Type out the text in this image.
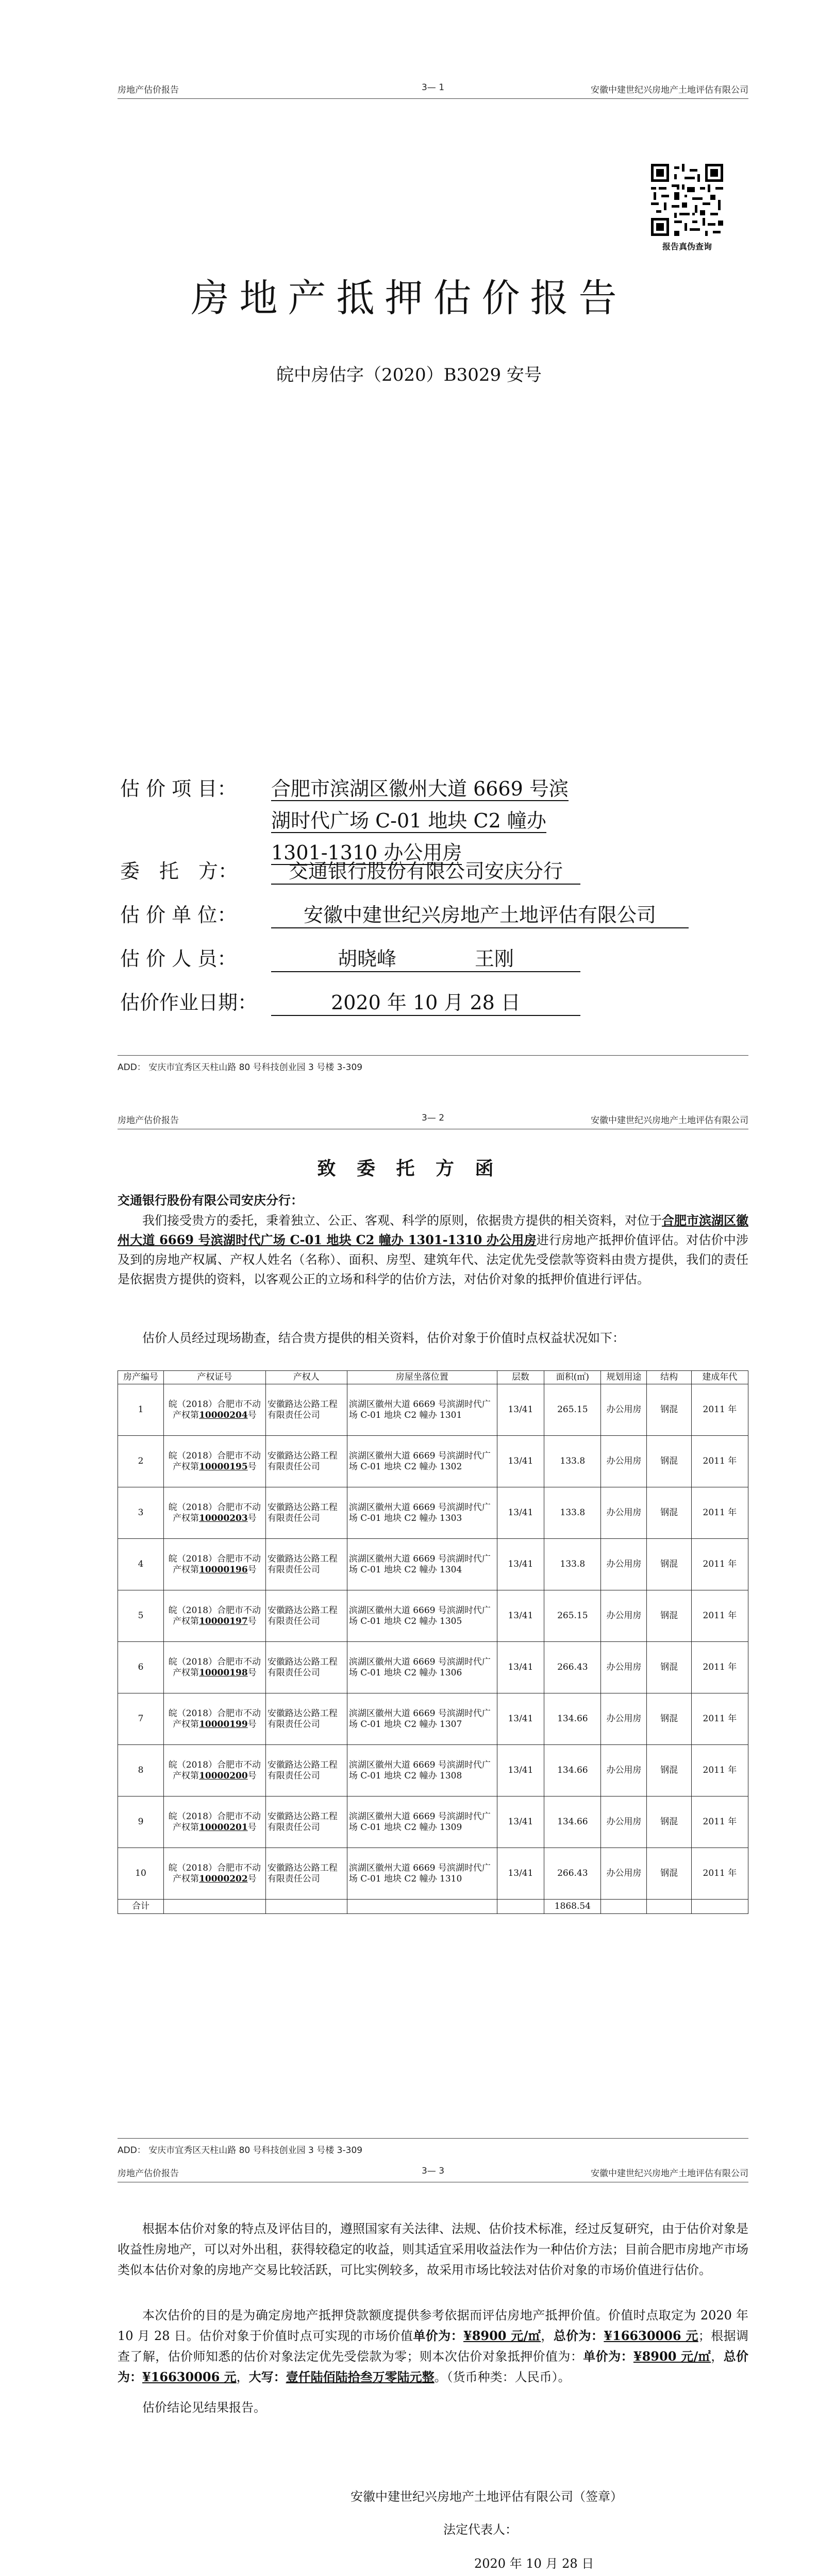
房地产估价报告	3— 1	安徽中建世纪兴房地产土地评估有限公司
报告真伪查询
房地产抵押估价报告
皖中房估字（2020）B3029 安号
估 价 项 目： 合肥市滨湖区徽州大道 6669 号滨湖时代广场 C-01 地块 C2 幢办 1301-1310 办公用房
委　托　方：	交通银行股份有限公司安庆分行
估 价 单 位：	安徽中建世纪兴房地产土地评估有限公司
估 价 人 员：	胡晓峰　　　　王刚
估价作业日期：	2020 年 10 月 28 日
ADD： 安庆市宜秀区天柱山路 80 号科技创业园 3 号楼 3-309
房地产估价报告	3— 2	安徽中建世纪兴房地产土地评估有限公司
致 委 托 方 函
交通银行股份有限公司安庆分行：
我们接受贵方的委托，秉着独立、公正、客观、科学的原则，依据贵方提供的相关资料，对位于合肥市滨湖区徽州大道 6669 号滨湖时代广场 C-01 地块 C2 幢办 1301-1310 办公用房进行房地产抵押价值评估。对估价中涉及到的房地产权属、产权人姓名（名称）、面积、房型、建筑年代、法定优先受偿款等资料由贵方提供，我们的责任是依据贵方提供的资料，以客观公正的立场和科学的估价方法，对估价对象的抵押价值进行评估。
估价人员经过现场勘查，结合贵方提供的相关资料，估价对象于价值时点权益状况如下：
房产编号	产权证号	产权人	房屋坐落位置	层数	面积(㎡)	规划用途	结构	建成年代
1	皖（2018）合肥市不动产权第10000204号	安徽路达公路工程有限责任公司	滨湖区徽州大道 6669 号滨湖时代广场 C-01 地块 C2 幢办 1301	13/41	265.15	办公用房	钢混	2011 年
2	皖（2018）合肥市不动产权第10000195号	安徽路达公路工程有限责任公司	滨湖区徽州大道 6669 号滨湖时代广场 C-01 地块 C2 幢办 1302	13/41	133.8	办公用房	钢混	2011 年
3	皖（2018）合肥市不动产权第10000203号	安徽路达公路工程有限责任公司	滨湖区徽州大道 6669 号滨湖时代广场 C-01 地块 C2 幢办 1303	13/41	133.8	办公用房	钢混	2011 年
4	皖（2018）合肥市不动产权第10000196号	安徽路达公路工程有限责任公司	滨湖区徽州大道 6669 号滨湖时代广场 C-01 地块 C2 幢办 1304	13/41	133.8	办公用房	钢混	2011 年
5	皖（2018）合肥市不动产权第10000197号	安徽路达公路工程有限责任公司	滨湖区徽州大道 6669 号滨湖时代广场 C-01 地块 C2 幢办 1305	13/41	265.15	办公用房	钢混	2011 年
6	皖（2018）合肥市不动产权第10000198号	安徽路达公路工程有限责任公司	滨湖区徽州大道 6669 号滨湖时代广场 C-01 地块 C2 幢办 1306	13/41	266.43	办公用房	钢混	2011 年
7	皖（2018）合肥市不动产权第10000199号	安徽路达公路工程有限责任公司	滨湖区徽州大道 6669 号滨湖时代广场 C-01 地块 C2 幢办 1307	13/41	134.66	办公用房	钢混	2011 年
8	皖（2018）合肥市不动产权第10000200号	安徽路达公路工程有限责任公司	滨湖区徽州大道 6669 号滨湖时代广场 C-01 地块 C2 幢办 1308	13/41	134.66	办公用房	钢混	2011 年
9	皖（2018）合肥市不动产权第10000201号	安徽路达公路工程有限责任公司	滨湖区徽州大道 6669 号滨湖时代广场 C-01 地块 C2 幢办 1309	13/41	134.66	办公用房	钢混	2011 年
10	皖（2018）合肥市不动产权第10000202号	安徽路达公路工程有限责任公司	滨湖区徽州大道 6669 号滨湖时代广场 C-01 地块 C2 幢办 1310	13/41	266.43	办公用房	钢混	2011 年
合计					1868.54			
ADD： 安庆市宜秀区天柱山路 80 号科技创业园 3 号楼 3-309
房地产估价报告	3— 3	安徽中建世纪兴房地产土地评估有限公司
根据本估价对象的特点及评估目的，遵照国家有关法律、法规、估价技术标准，经过反复研究，由于估价对象是收益性房地产，可以对外出租，获得较稳定的收益，则其适宜采用收益法作为一种估价方法；目前合肥市房地产市场类似本估价对象的房地产交易比较活跃，可比实例较多，故采用市场比较法对估价对象的市场价值进行估价。
本次估价的目的是为确定房地产抵押贷款额度提供参考依据而评估房地产抵押价值。价值时点取定为 2020 年 10 月 28 日。估价对象于价值时点可实现的市场价值单价为：¥8900 元/㎡，总价为：¥16630006 元；根据调查了解，估价师知悉的估价对象法定优先受偿款为零；则本次估价对象抵押价值为：单价为：¥8900 元/㎡，总价为：¥16630006 元，大写：壹仟陆佰陆拾叁万零陆元整。（货币种类：人民币）。
估价结论见结果报告。
安徽中建世纪兴房地产土地评估有限公司（签章）
法定代表人：
2020 年 10 月 28 日
